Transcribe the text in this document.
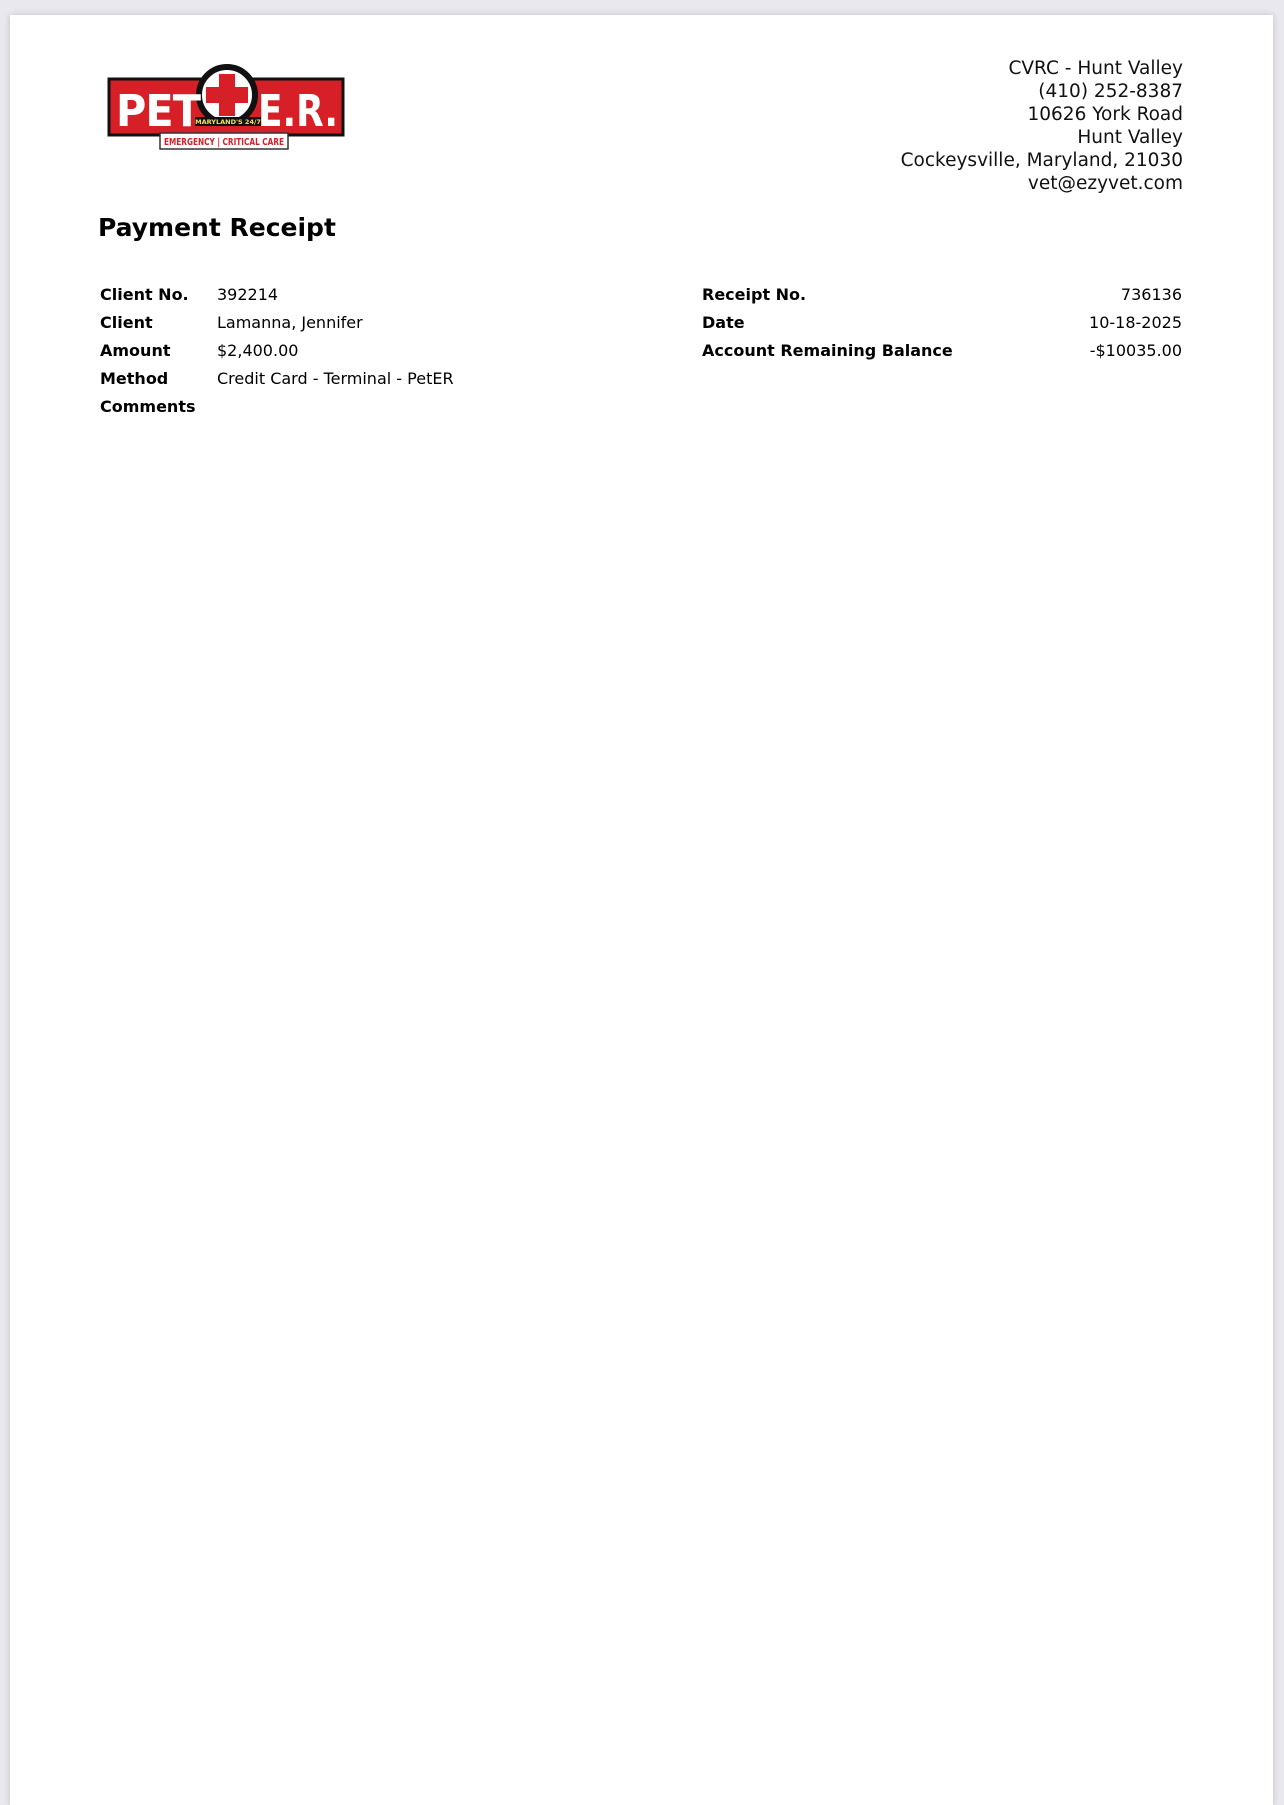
MARYLAND'S 24/7
PET E.R.
EMERGENCY | CRITICAL CARE
CVRC - Hunt Valley
(410) 252-8387
10626 York Road
Hunt Valley
Cockeysville, Maryland, 21030
vet@ezyvet.com
Payment Receipt
Client No. 392214
Client	Lamanna, Jennifer
Amount	$2,400.00
Method	Credit Card - Terminal - PetER
Comments
Receipt No.	736136
Date	10-18-2025
Account Remaining Balance	-$10035.00
